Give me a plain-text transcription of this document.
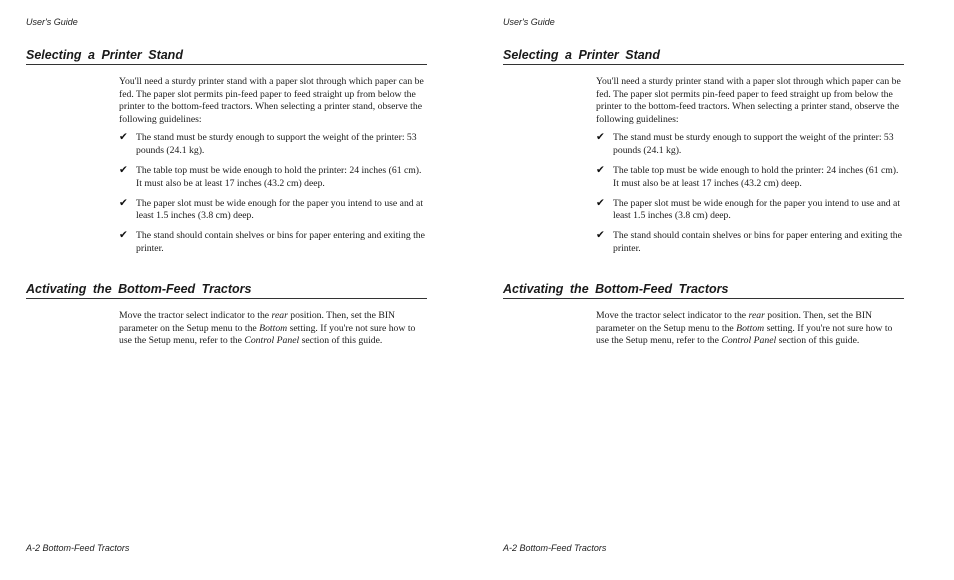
User's Guide
Selecting a Printer Stand

You'll need a sturdy printer stand with a paper slot through which paper can be fed. The paper slot permits pin-feed paper to feed straight up from below the printer to the bottom-feed tractors. When selecting a printer stand, observe the following guidelines:

✔ The stand must be sturdy enough to support the weight of the printer: 53 pounds (24.1 kg).
✔ The table top must be wide enough to hold the printer: 24 inches (61 cm). It must also be at least 17 inches (43.2 cm) deep.
✔ The paper slot must be wide enough for the paper you intend to use and at least 1.5 inches (3.8 cm) deep.
✔ The stand should contain shelves or bins for paper entering and exiting the printer.
Activating the Bottom-Feed Tractors

Move the tractor select indicator to the rear position. Then, set the BIN parameter on the Setup menu to the Bottom setting. If you're not sure how to use the Setup menu, refer to the Control Panel section of this guide.

A-2 Bottom-Feed Tractors
User's Guide
Selecting a Printer Stand

You'll need a sturdy printer stand with a paper slot through which paper can be fed. The paper slot permits pin-feed paper to feed straight up from below the printer to the bottom-feed tractors. When selecting a printer stand, observe the following guidelines:

✔ The stand must be sturdy enough to support the weight of the printer: 53 pounds (24.1 kg).
✔ The table top must be wide enough to hold the printer: 24 inches (61 cm). It must also be at least 17 inches (43.2 cm) deep.
✔ The paper slot must be wide enough for the paper you intend to use and at least 1.5 inches (3.8 cm) deep.
✔ The stand should contain shelves or bins for paper entering and exiting the printer.
Activating the Bottom-Feed Tractors

Move the tractor select indicator to the rear position. Then, set the BIN parameter on the Setup menu to the Bottom setting. If you're not sure how to use the Setup menu, refer to the Control Panel section of this guide.

A-2 Bottom-Feed Tractors
